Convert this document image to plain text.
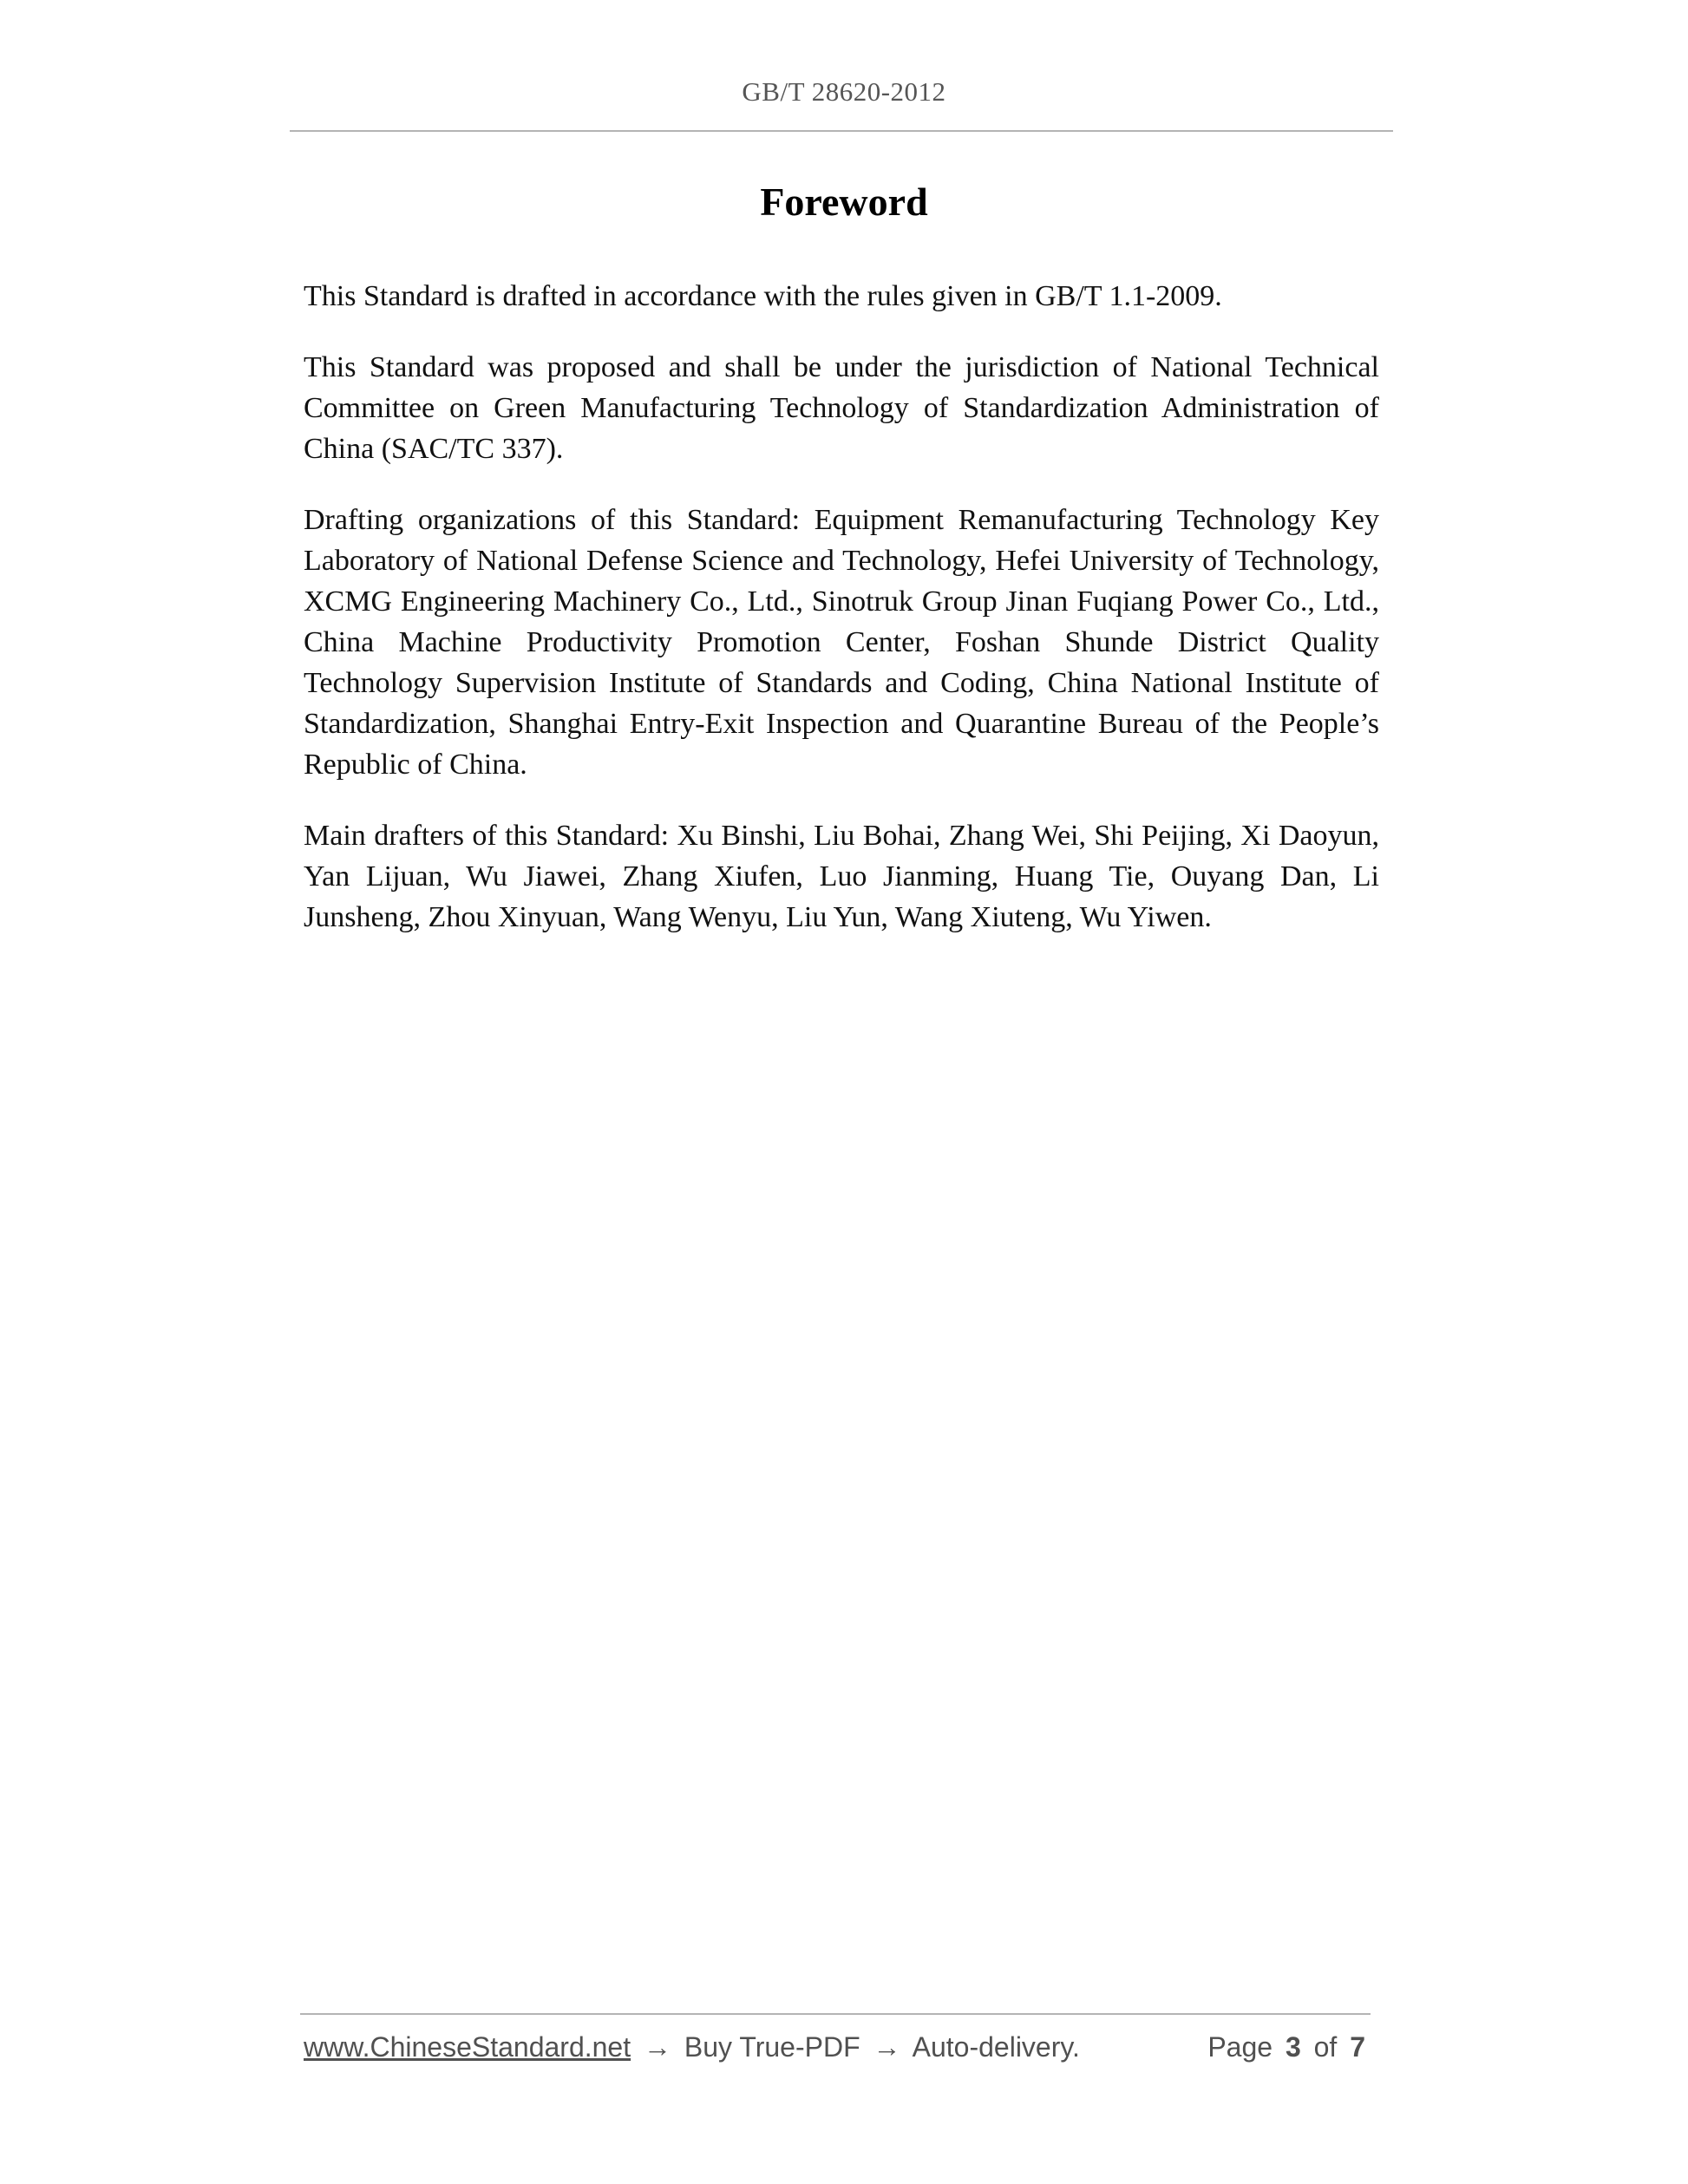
GB/T 28620-2012
Foreword

This Standard is drafted in accordance with the rules given in GB/T 1.1-2009.

This Standard was proposed and shall be under the jurisdiction of National Technical Committee on Green Manufacturing Technology of Standardization Administration of China (SAC/TC 337).

Drafting organizations of this Standard: Equipment Remanufacturing Technology Key Laboratory of National Defense Science and Technology, Hefei University of Technology, XCMG Engineering Machinery Co., Ltd., Sinotruk Group Jinan Fuqiang Power Co., Ltd., China Machine Productivity Promotion Center, Foshan Shunde District Quality Technology Supervision Institute of Standards and Coding, China National Institute of Standardization, Shanghai Entry-Exit Inspection and Quarantine Bureau of the People’s Republic of China.

Main drafters of this Standard: Xu Binshi, Liu Bohai, Zhang Wei, Shi Peijing, Xi Daoyun, Yan Lijuan, Wu Jiawei, Zhang Xiufen, Luo Jianming, Huang Tie, Ouyang Dan, Li Junsheng, Zhou Xinyuan, Wang Wenyu, Liu Yun, Wang Xiuteng, Wu Yiwen.

www.ChineseStandard.net → Buy True-PDF → Auto-delivery.	Page 3 of 7
